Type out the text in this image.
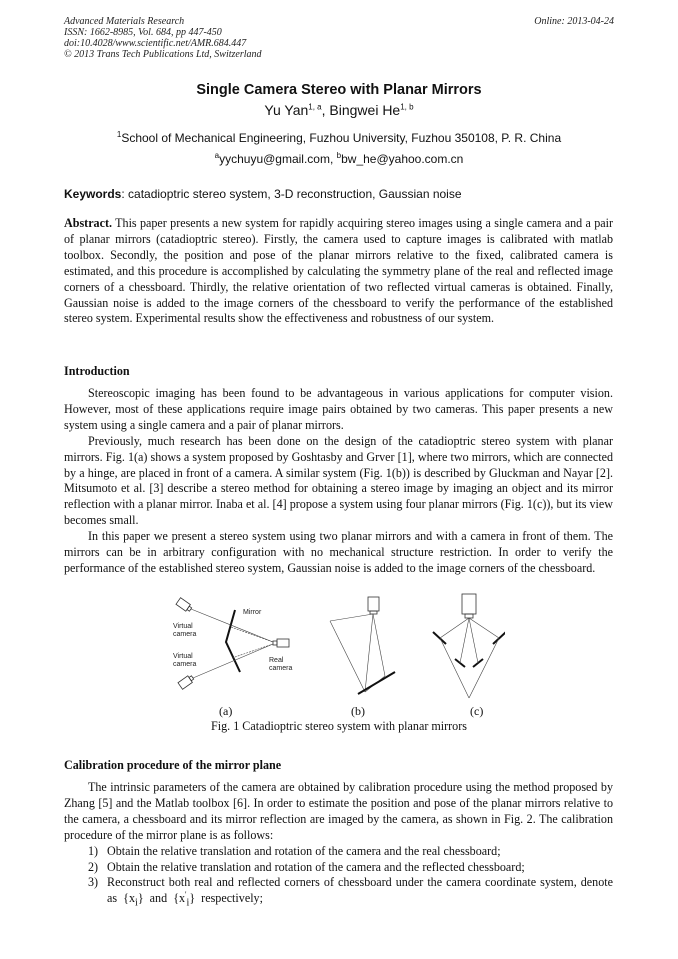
Advanced Materials Research
ISSN: 1662-8985, Vol. 684, pp 447-450
doi:10.4028/www.scientific.net/AMR.684.447
© 2013 Trans Tech Publications Ltd, Switzerland
Online: 2013-04-24
Single Camera Stereo with Planar Mirrors
Yu Yan$^{1, a}$, Bingwei He$^{1, b}$
$^1$School of Mechanical Engineering, Fuzhou University, Fuzhou 350108, P. R. China
$^a$yychuyu@gmail.com, $^b$bw_he@yahoo.com.cn
Keywords: catadioptric stereo system, 3-D reconstruction, Gaussian noise
Abstract. This paper presents a new system for rapidly acquiring stereo images using a single camera and a pair of planar mirrors (catadioptric stereo). Firstly, the camera used to capture images is calibrated with matlab toolbox. Secondly, the position and pose of the planar mirrors relative to the fixed, calibrated camera is estimated, and this procedure is accomplished by calculating the symmetry plane of the real and reflected image corners of a chessboard. Thirdly, the relative orientation of two reflected virtual cameras is obtained. Finally, Gaussian noise is added to the image corners of the chessboard to verify the performance of the established stereo system. Experimental results show the effectiveness and robustness of our system.
Introduction
Stereoscopic imaging has been found to be advantageous in various applications for computer vision. However, most of these applications require image pairs obtained by two cameras. This paper presents a new system using a single camera and a pair of planar mirrors.
Previously, much research has been done on the design of the catadioptric stereo system with planar mirrors. Fig. 1(a) shows a system proposed by Goshtasby and Grver [1], where two mirrors, which are connected by a hinge, are placed in front of a camera. A similar system (Fig. 1(b)) is described by Gluckman and Nayar [2]. Mitsumoto et al. [3] describe a stereo method for obtaining a stereo image by imaging an object and its mirror reflection with a planar mirror. Inaba et al. [4] propose a system using four planar mirrors (Fig. 1(c)), but its view becomes small.
In this paper we present a stereo system using two planar mirrors and with a camera in front of them. The mirrors can be in arbitrary configuration with no mechanical structure restriction. In order to verify the performance of the established stereo system, Gaussian noise is added to the image corners of the chessboard.
Mirror
Virtual
camera
Virtual
camera
Real
camera
(a)	(b)	(c)
Fig. 1 Catadioptric stereo system with planar mirrors
Calibration procedure of the mirror plane
The intrinsic parameters of the camera are obtained by calibration procedure using the method proposed by Zhang [5] and the Matlab toolbox [6]. In order to estimate the position and pose of the planar mirrors relative to the camera, a chessboard and its mirror reflection are imaged by the camera, as shown in Fig. 2. The calibration procedure of the mirror plane is as follows:
1) Obtain the relative translation and rotation of the camera and the real chessboard;
2) Obtain the relative translation and rotation of the camera and the reflected chessboard;
3) Reconstruct both real and reflected corners of chessboard under the camera coordinate system, denote as $\{x_i\}$ and $\{x'_i\}$ respectively;
